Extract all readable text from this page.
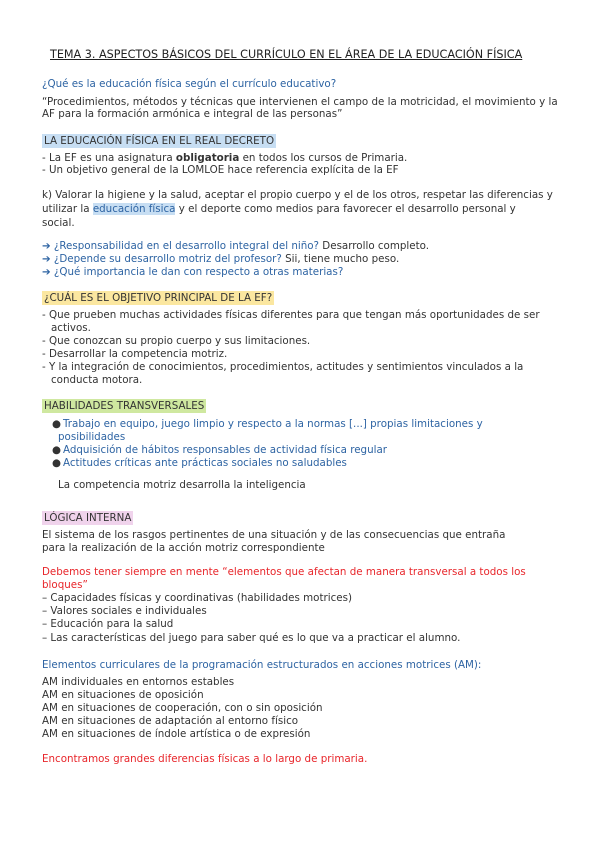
TEMA 3. ASPECTOS BÁSICOS DEL CURRÍCULO EN EL ÁREA DE LA EDUCACIÓN FÍSICA
¿Qué es la educación física según el currículo educativo?
“Procedimientos, métodos y técnicas que intervienen el campo de la motricidad, el movimiento y la
AF para la formación armónica e integral de las personas”
LA EDUCACIÓN FÍSICA EN EL REAL DECRETO
- La EF es una asignatura obligatoria en todos los cursos de Primaria.
- Un objetivo general de la LOMLOE hace referencia explícita de la EF
k) Valorar la higiene y la salud, aceptar el propio cuerpo y el de los otros, respetar las diferencias y
utilizar la educación física y el deporte como medios para favorecer el desarrollo personal y
social.
➔ ¿Responsabilidad en el desarrollo integral del niño? Desarrollo completo.
➔ ¿Depende su desarrollo motriz del profesor? Sii, tiene mucho peso.
➔ ¿Qué importancia le dan con respecto a otras materias?
¿CUÁL ES EL OBJETIVO PRINCIPAL DE LA EF?
- Que prueben muchas actividades físicas diferentes para que tengan más oportunidades de ser
activos.
- Que conozcan su propio cuerpo y sus limitaciones.
- Desarrollar la competencia motriz.
- Y la integración de conocimientos, procedimientos, actitudes y sentimientos vinculados a la
conducta motora.
HABILIDADES TRANSVERSALES
● Trabajo en equipo, juego limpio y respecto a la normas [...] propias limitaciones y
posibilidades
● Adquisición de hábitos responsables de actividad física regular
● Actitudes críticas ante prácticas sociales no saludables
La competencia motriz desarrolla la inteligencia
LÓGICA INTERNA
El sistema de los rasgos pertinentes de una situación y de las consecuencias que entraña
para la realización de la acción motriz correspondiente
Debemos tener siempre en mente “elementos que afectan de manera transversal a todos los
bloques”
– Capacidades físicas y coordinativas (habilidades motrices)
– Valores sociales e individuales
– Educación para la salud
– Las características del juego para saber qué es lo que va a practicar el alumno.
Elementos curriculares de la programación estructurados en acciones motrices (AM):
AM individuales en entornos estables
AM en situaciones de oposición
AM en situaciones de cooperación, con o sin oposición
AM en situaciones de adaptación al entorno físico
AM en situaciones de índole artística o de expresión
Encontramos grandes diferencias físicas a lo largo de primaria.
